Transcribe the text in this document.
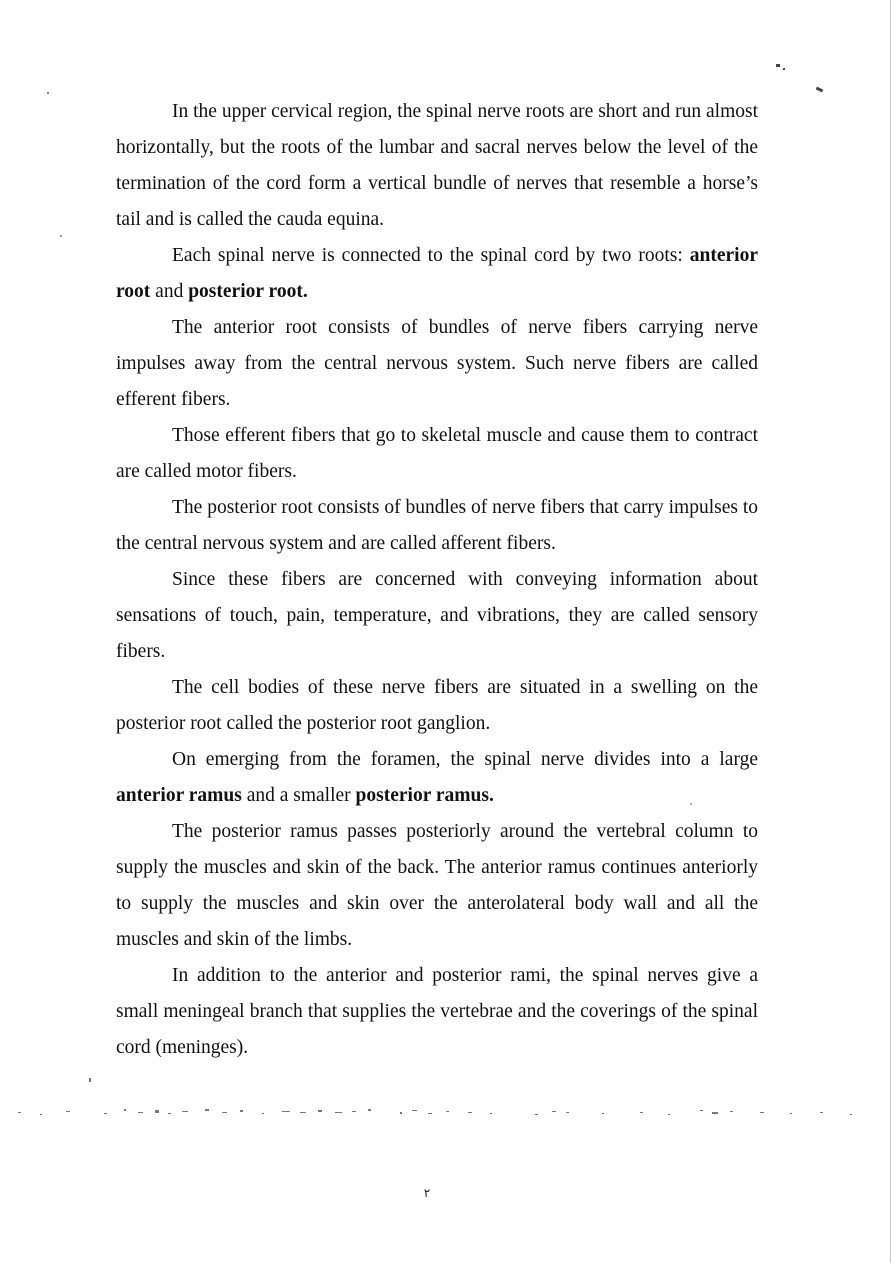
In the upper cervical region, the spinal nerve roots are short and run almost horizontally, but the roots of the lumbar and sacral nerves below the level of the termination of the cord form a vertical bundle of nerves that resemble a horse’s tail and is called the cauda equina.

Each spinal nerve is connected to the spinal cord by two roots: anterior root and posterior root.

The anterior root consists of bundles of nerve fibers carrying nerve impulses away from the central nervous system. Such nerve fibers are called efferent fibers.

Those efferent fibers that go to skeletal muscle and cause them to contract are called motor fibers.

The posterior root consists of bundles of nerve fibers that carry impulses to the central nervous system and are called afferent fibers.

Since these fibers are concerned with conveying information about sensations of touch, pain, temperature, and vibrations, they are called sensory fibers.

The cell bodies of these nerve fibers are situated in a swelling on the posterior root called the posterior root ganglion.

On emerging from the foramen, the spinal nerve divides into a large anterior ramus and a smaller posterior ramus.

The posterior ramus passes posteriorly around the vertebral column to supply the muscles and skin of the back. The anterior ramus continues anteriorly to supply the muscles and skin over the anterolateral body wall and all the muscles and skin of the limbs.

In addition to the anterior and posterior rami, the spinal nerves give a small meningeal branch that supplies the vertebrae and the coverings of the spinal cord (meninges).

٢
